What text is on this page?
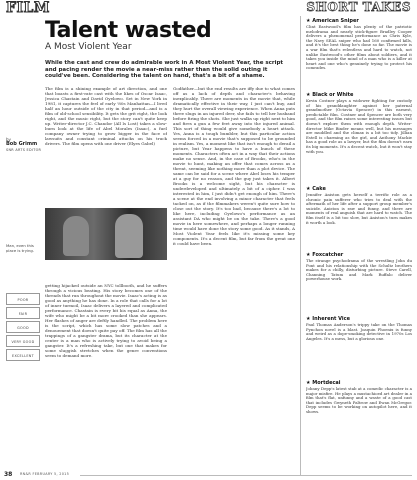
FILM	SHORT TAKES
Talent wasted
A Most Violent Year
While the cast and crew do admirable work in A Most Violent Year, the script and pacing render the movie a near-miss rather than the solid outing it could've been. Considering the talent on hand, that's a bit of a shame.
by
Bob Grimm
SNR ARTS EDITOR
The film is a shining example of art direction, and one that boasts a first-rate cast with the likes of Oscar Isaac, Jessica Chastain and David Oyelowo. Set in New York in 1981, it captures the feel of early '80s Manhattan—I lived half an hour outside of the city in that period—and is a film of old-school sensibility. It gets the grit right, the look right, and the music right, but the story can't quite keep up. Writer-director J.C. Chandor (All Is Lost) takes a slow-burn look at the life of Abel Morales (Isaac), a fuel company owner trying to grow bigger in the face of lawsuits and constant criminal attacks on his truck drivers. The film opens with one driver (Elyes Gabel)
Man, even this place is trying.
POOR
FAIR
GOOD
VERY GOOD
EXCELLENT
getting hijacked outside an NYC tollbooth, and he suffers through a vicious beating. His story becomes one of the threads that run throughout the movie. Isaac's acting is as good as anything he has done. In a role that calls for a lot of inner turmoil, Isaac delivers a layered and complicated performance. Chastain is every bit his equal as Anna, the wife who might be a bit more crooked than she appears. Her flashes of anger are deftly handled. The problem here is the script, which has some slow patches and a denouement that doesn't quite pay off. The film has all the trappings of a gangster drama, but its character at the center is a man who is actively trying to avoid being a gangster. It's a refreshing take, but one that makes for some sluggish stretches when the genre conventions seem to demand more.
Godfather—but the end results are iffy due to what comes off as a lack of depth and character's behaving inexplicably. There are moments in the movie that, while dramatically effective in their way, I just can't buy, and they hurt the overall viewing experience. When Anna puts three slugs in an injured deer, she fails to tell her husband before firing the shots. She just walks up right next to him and fires a gun a few feet away into the injured animal. This sort of thing would give somebody a heart attack. Yes, Anna is a tough bumbler, but this particular action seems forced in a movie that's supposed to be grounded in realism. Yes, a moment like that isn't enough to derail a picture, but Year happens to have a bunch of these moments. Characters often act in a way that their actions make no sense. And, in the case of Brooks, who's in the movie to hunt, making an offer that comes across as a threat, seeming like nothing more than a plot device. The same can be said for a scene where Abel loses his temper at a guy for no reason, and the guy just takes it. Albert Brooks is a welcome sight, but his character is underdeveloped and ultimately a bit of a cipher. I was interested in him, I just didn't get enough of him. There's a scene at the end involving a minor character that feels tacked on, as if the filmmakers weren't quite sure how to close out the story. It's too bad, because there's a lot to like here, including Oyelowo's performance as an assistant DA who might be on the take. There's a good movie in here somewhere, and perhaps a longer running time would have done the story some good. As it stands, A Most Violent Year feels like it's missing some key components. It's a decent film, but far from the great one it could have been.
★ American Sniper
Clint Eastwood's film has plenty of the patriotic melodrama and nearly stick-figure Bradley Cooper delivers a phenomenal performance as Chris Kyle, the Navy SEAL sniper who had 160 confirmed kills, and it's the best thing he's done so far. The movie is a war film that's relentless and hard to watch, not unlike Eastwood's other films about soldiers, and it takes you inside the mind of a man who is a killer at heart and one who's genuinely trying to protect his comrades.
★ Black or White
Kevin Costner plays a widower fighting for custody of his granddaughter against her paternal grandmother (Octavia Spencer) in this earnest, predictable film. Costner and Spencer are both very good, and the film raises some interesting issues but doesn't explore them with enough depth. Writer-director Mike Binder means well, but his messages are muddled and the climax is a bit too tidy. Jillian Estell is charming as the girl, and Anthony Mackie has a good role as a lawyer, but the film doesn't earn its big moments. It's a decent watch, but it won't stay with you.
★ Cake
Jennifer Aniston gets herself a terrific role as a chronic pain sufferer who tries to deal with the aftermath of her life after a support group member's suicide. Aniston is raw and funny, and there are moments of real anguish that are hard to watch. The film itself is a bit too slow, but Aniston's turn makes it worth a look.
★ Foxcatcher
The strange psychodrama of the wrestling John du Pont and his relationship with the Schultz brothers makes for a chilly, disturbing picture. Steve Carell, Channing Tatum and Mark Ruffalo deliver powerhouse work.
★ Inherent Vice
Paul Thomas Anderson's trippy take on the Thomas Pynchon novel is a blast. Joaquin Phoenix is funny and weird as a dope-smoking detective in 1970s Los Angeles. It's a mess, but a glorious one.
★ Mortdecai
Johnny Depp's latest stab at a comedic character is a major misfire. He plays a mustachioed art dealer in a film that's flat, unfunny and a waste of a good cast that includes Gwyneth Paltrow and Ewan McGregor. Depp seems to be working on autopilot here, and it shows.
38 RN&R FEBRUARY 5, 2015
